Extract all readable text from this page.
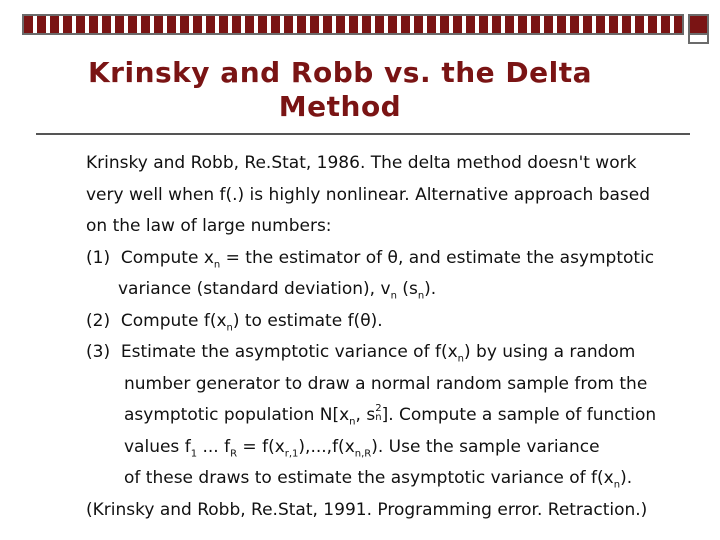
Krinsky and Robb vs. the Delta
Method
Krinsky and Robb, Re.Stat, 1986. The delta method doesn't work
very well when f(.) is highly nonlinear. Alternative approach based
on the law of large numbers:
(1) Compute $x_n$ = the estimator of θ, and estimate the asymptotic
variance (standard deviation), $v_n$ $(s_n)$.
(2) Compute $f(x_n)$ to estimate f(θ).
(3) Estimate the asymptotic variance of $f(x_n)$ by using a random
number generator to draw a normal random sample from the
asymptotic population $N[x_n$, s 2
n ]. Compute a sample of function
values $f_1$ ... $f_R = f(x_{r,1}),...,f(x_{n,R})$. Use the sample variance
of these draws to estimate the asymptotic variance of $f(x_n)$.
(Krinsky and Robb, Re.Stat, 1991. Programming error. Retraction.)
